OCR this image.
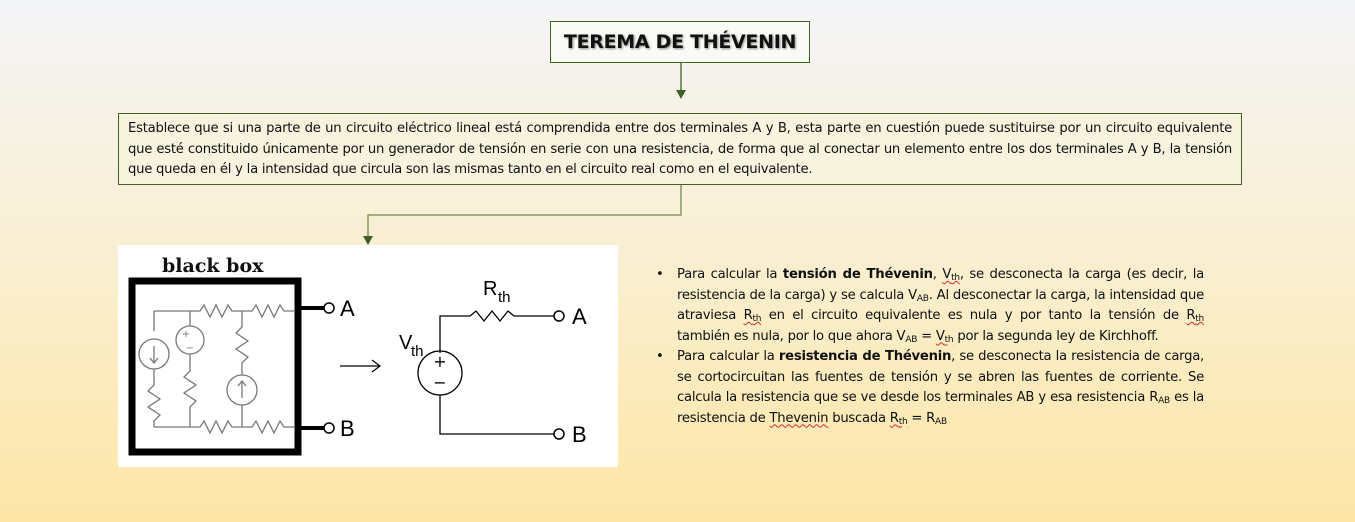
TEREMA DE THÉVENIN
Establece que si una parte de un circuito eléctrico lineal está comprendida entre dos terminales A y B, esta parte en cuestión puede sustituirse por un circuito equivalente que esté constituido únicamente por un generador de tensión en serie con una resistencia, de forma que al conectar un elemento entre los dos terminales A y B, la tensión que queda en él y la intensidad que circula son las mismas tanto en el circuito real como en el equivalente.
black box
+
−
A
B
A
B
R th
V
th
+
−
• Para calcular la tensión de Thévenin, $V_{th}$, se desconecta la carga (es decir, la resistencia de la carga) y se calcula $V_{AB}$. Al desconectar la carga, la intensidad que atraviesa $R_{th}$ en el circuito equivalente es nula y por tanto la tensión de $R_{th}$ también es nula, por lo que ahora $V_{AB} = V_{th}$ por la segunda ley de Kirchhoff.
• Para calcular la resistencia de Thévenin, se desconecta la resistencia de carga, se cortocircuitan las fuentes de tensión y se abren las fuentes de corriente. Se calcula la resistencia que se ve desde los terminales AB y esa resistencia $R_{AB}$ es la resistencia de Thevenin buscada $R_{th} = R_{AB}$
